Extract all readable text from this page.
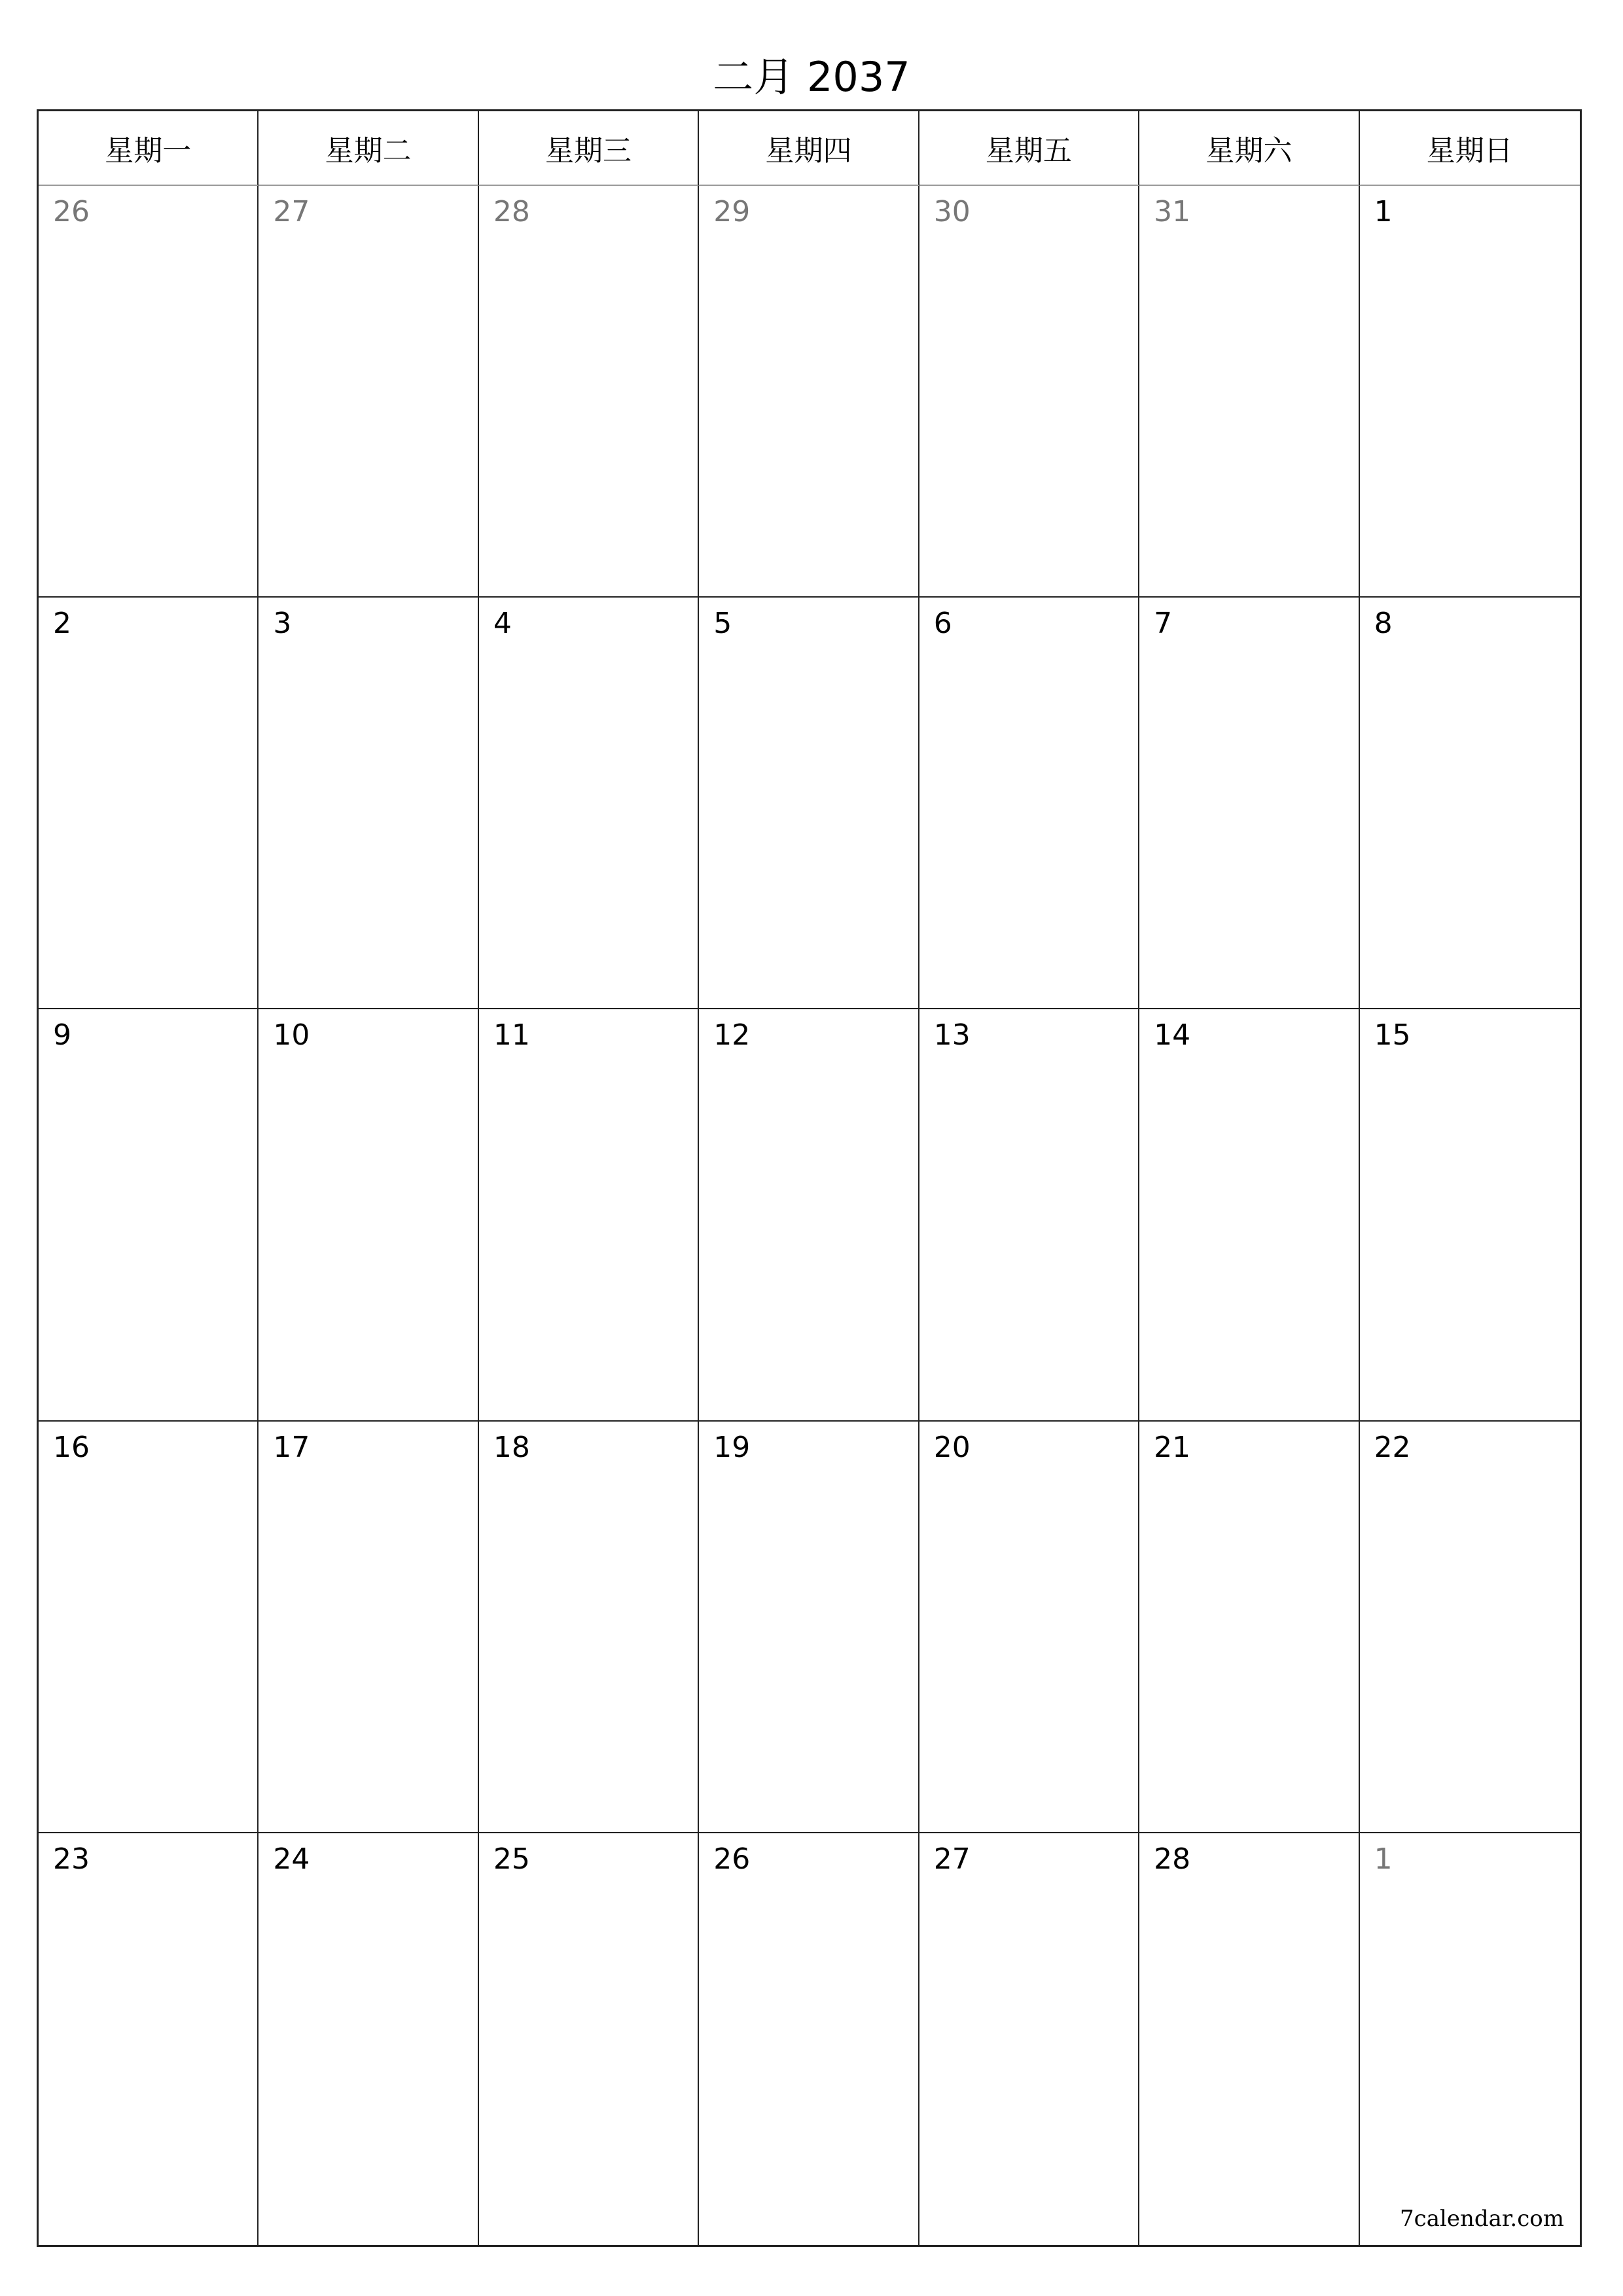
二月 2037
星期一	星期二	星期三	星期四	星期五	星期六	星期日
26	27	28	29	30	31	1
2	3	4	5	6	7	8
9	10	11	12	13	14	15
16	17	18	19	20	21	22
23	24	25	26	27	28	1
7calendar.com
